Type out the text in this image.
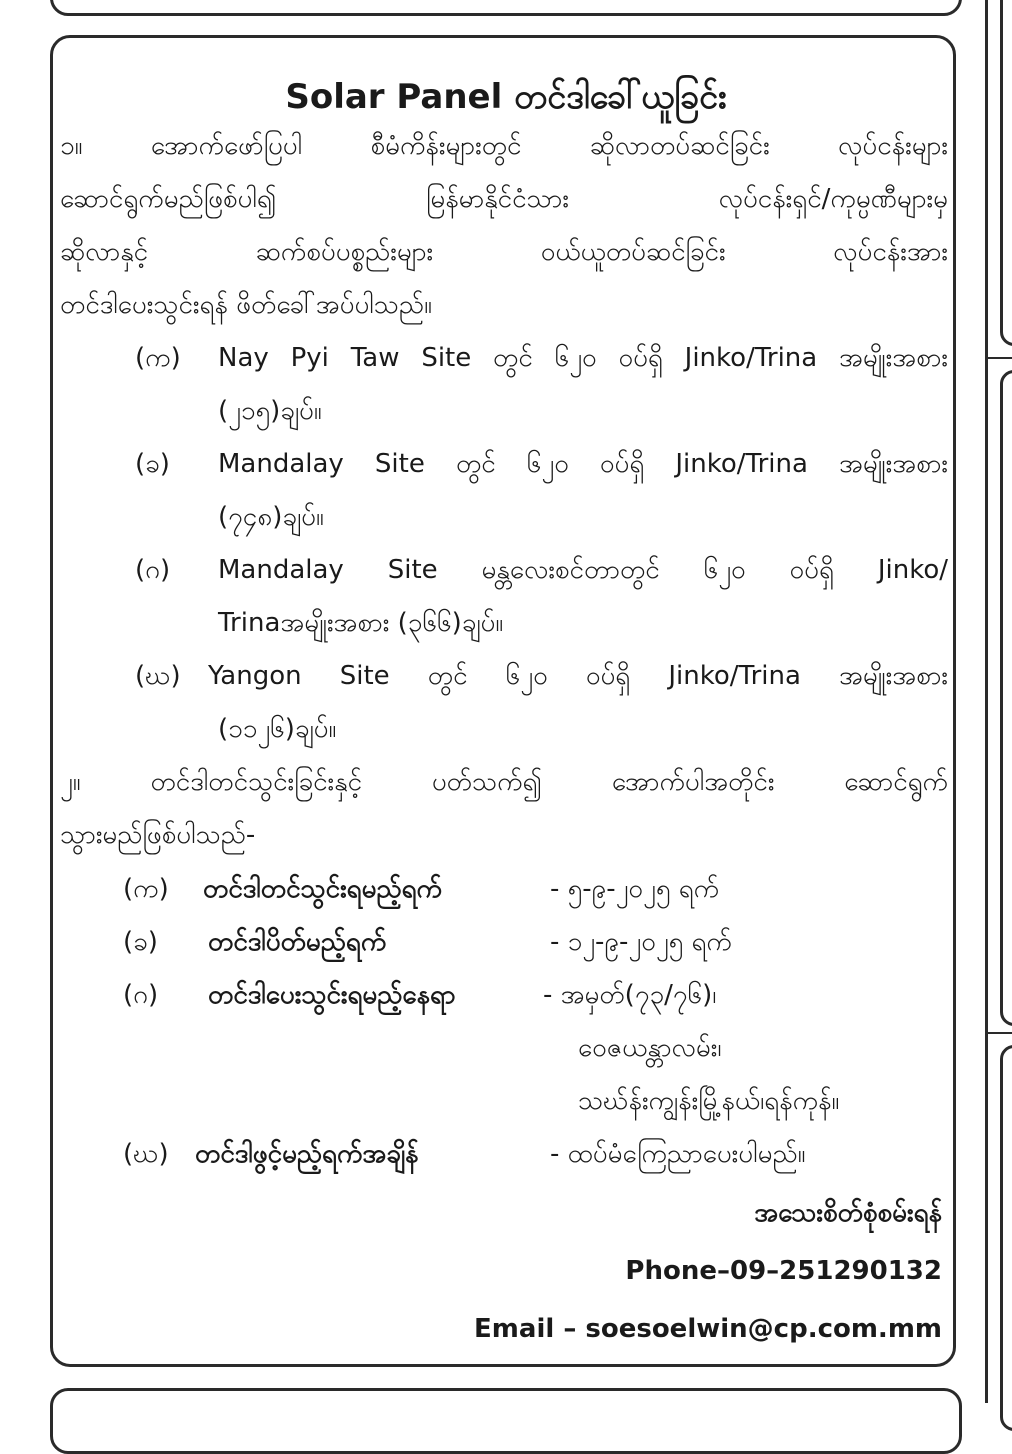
Solar Panel တင်ဒါခေါ်ယူခြင်း
၁။ အောက်ဖော်ပြပါ စီမံကိန်းများတွင် ဆိုလာတပ်ဆင်ခြင်း လုပ်ငန်းများ
ဆောင်ရွက်မည်ဖြစ်ပါ၍ မြန်မာနိုင်ငံသား လုပ်ငန်းရှင်/ကုမ္ပဏီများမှ
ဆိုလာနှင့် ဆက်စပ်ပစ္စည်းများ ဝယ်ယူတပ်ဆင်ခြင်း လုပ်ငန်းအား
တင်ဒါပေးသွင်းရန် ဖိတ်ခေါ်အပ်ပါသည်။
(က) Nay Pyi Taw Site တွင် ၆၂၀ ဝပ်ရှိ Jinko/Trina အမျိုးအစား
(၂၁၅)ချပ်။
(ခ) Mandalay Site တွင် ၆၂၀ ဝပ်ရှိ Jinko/Trina အမျိုးအစား
(၇၄၈)ချပ်။
(ဂ) Mandalay Site မန္တလေးစင်တာတွင် ၆၂၀ ဝပ်ရှိ Jinko/
Trinaအမျိုးအစား (၃၆၆)ချပ်။
(ဃ) Yangon Site တွင် ၆၂၀ ဝပ်ရှိ Jinko/Trina အမျိုးအစား
(၁၁၂၆)ချပ်။
၂။ တင်ဒါတင်သွင်းခြင်းနှင့် ပတ်သက်၍ အောက်ပါအတိုင်း ဆောင်ရွက်
သွားမည်ဖြစ်ပါသည်-
(က) တင်ဒါတင်သွင်းရမည့်ရက်	- ၅-၉-၂၀၂၅ ရက်
(ခ) တင်ဒါပိတ်မည့်ရက်	- ၁၂-၉-၂၀၂၅ ရက်
(ဂ) တင်ဒါပေးသွင်းရမည့်နေရာ	- အမှတ်(၇၃/၇၆)၊
ဝေဇယန္တာလမ်း၊
သဃ်န်းကျွန်းမြို့နယ်၊ရန်ကုန်။
(ဃ) တင်ဒါဖွင့်မည့်ရက်အချိန်	- ထပ်မံကြေညာပေးပါမည်။
အသေးစိတ်စုံစမ်းရန်
Phone–09–251290132
Email – soesoelwin@cp.com.mm
